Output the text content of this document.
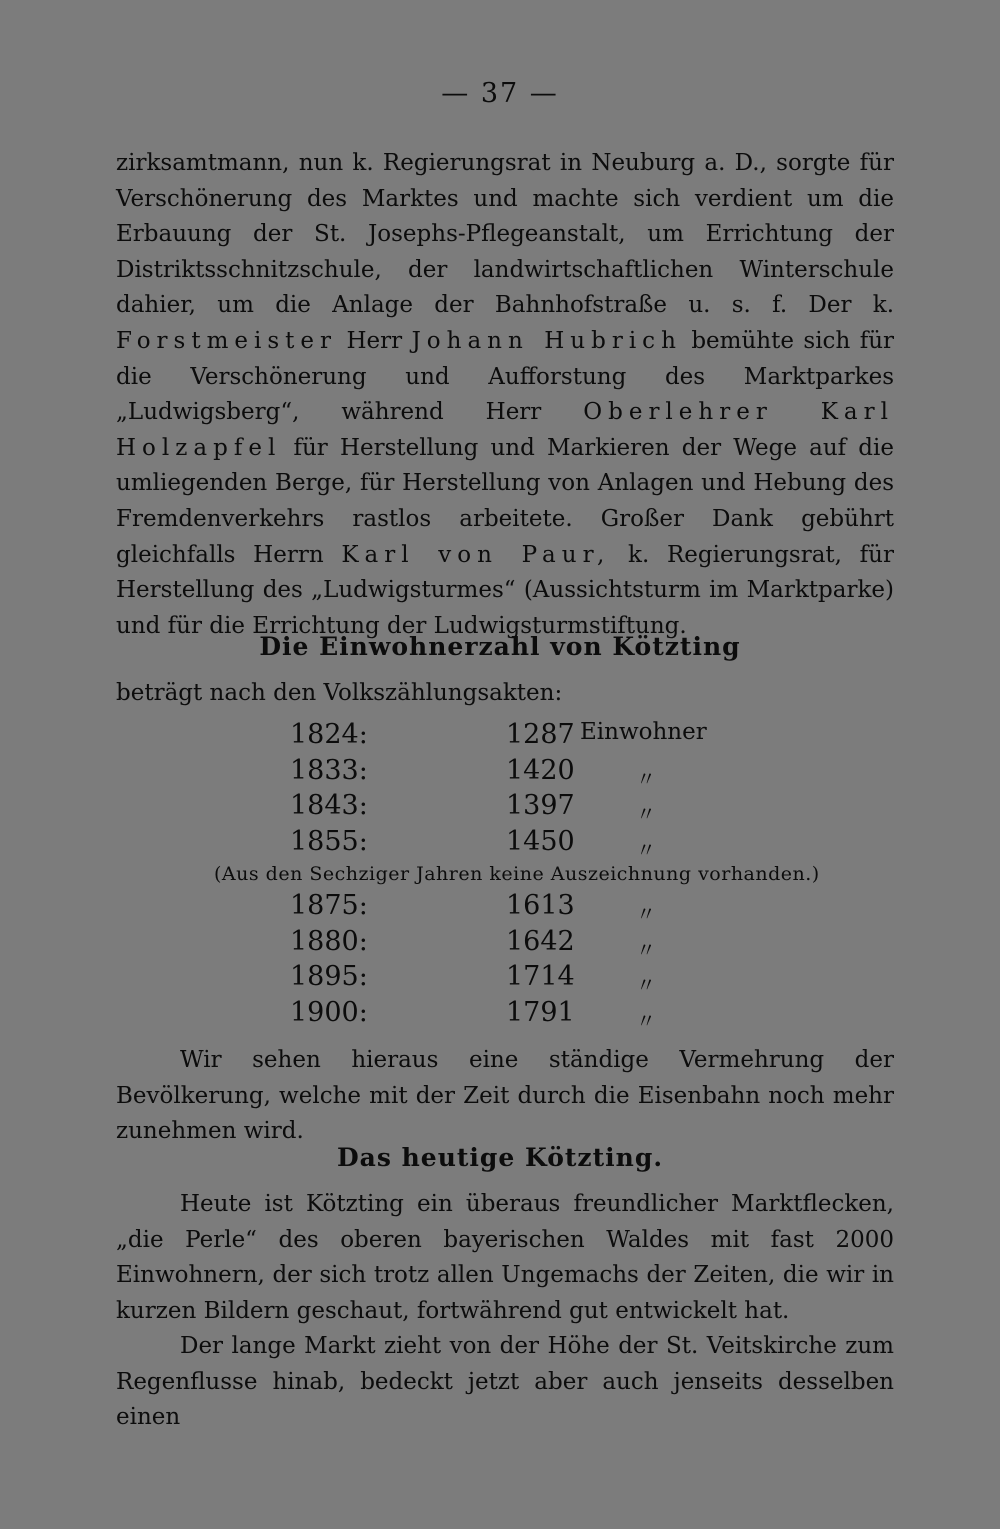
— 37 —
zirksamtmann, nun k. Regierungsrat in Neuburg a. D., sorgte für Verschönerung des Marktes und machte sich verdient um die Erbauung der St. Josephs-Pflegeanstalt, um Errichtung der Distriktsschnitzschule, der landwirtschaftlichen Winterschule dahier, um die Anlage der Bahnhofstraße u. s. f. Der k. Forstmeister Herr Johann Hubrich bemühte sich für die Verschönerung und Aufforstung des Marktparkes „Ludwigsberg“, während Herr Oberlehrer Karl Holzapfel für Herstellung und Markieren der Wege auf die umliegenden Berge, für Herstellung von Anlagen und Hebung des Fremdenverkehrs rastlos arbeitete. Großer Dank gebührt gleichfalls Herrn Karl von Paur, k. Regierungsrat, für Herstellung des „Ludwigsturmes“ (Aussichtsturm im Marktparke) und für die Errichtung der Ludwigsturmstiftung.
Die Einwohnerzahl von Kötzting
beträgt nach den Volkszählungsakten:
1824:	1287 Einwohner
1833:	1420	〃
1843:	1397	〃
1855:	1450	〃
(Aus den Sechziger Jahren keine Auszeichnung vorhanden.)
1875:	1613	〃
1880:	1642	〃
1895:	1714	〃
1900:	1791	〃
Wir sehen hieraus eine ständige Vermehrung der Bevölkerung, welche mit der Zeit durch die Eisenbahn noch mehr zunehmen wird.
Das heutige Kötzting.
Heute ist Kötzting ein überaus freundlicher Marktflecken, „die Perle“ des oberen bayerischen Waldes mit fast 2000 Einwohnern, der sich trotz allen Ungemachs der Zeiten, die wir in kurzen Bildern geschaut, fortwährend gut entwickelt hat.
Der lange Markt zieht von der Höhe der St. Veitskirche zum Regenflusse hinab, bedeckt jetzt aber auch jenseits desselben einen
